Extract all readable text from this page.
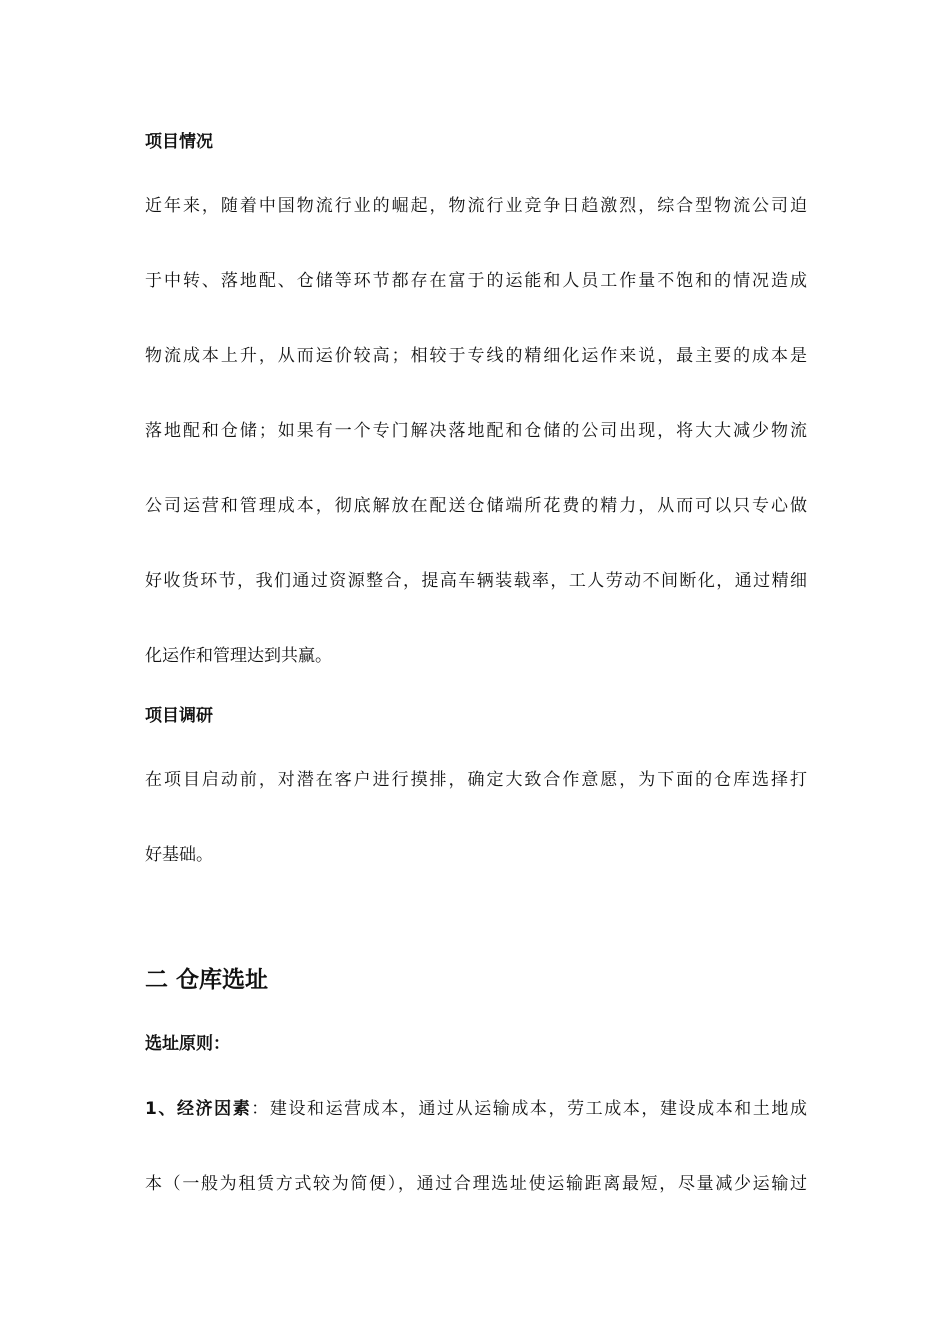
项目情况
近年来，随着中国物流行业的崛起，物流行业竞争日趋激烈，综合型物流公司迫
于中转、落地配、仓储等环节都存在富于的运能和人员工作量不饱和的情况造成
物流成本上升，从而运价较高；相较于专线的精细化运作来说，最主要的成本是
落地配和仓储；如果有一个专门解决落地配和仓储的公司出现，将大大减少物流
公司运营和管理成本，彻底解放在配送仓储端所花费的精力，从而可以只专心做
好收货环节，我们通过资源整合，提高车辆装载率，工人劳动不间断化，通过精细
化运作和管理达到共赢。
项目调研
在项目启动前，对潜在客户进行摸排，确定大致合作意愿，为下面的仓库选择打
好基础。
二 仓库选址
选址原则：
1、经济因素：建设和运营成本，通过从运输成本，劳工成本，建设成本和土地成
本（一般为租赁方式较为简便），通过合理选址使运输距离最短，尽量减少运输过
